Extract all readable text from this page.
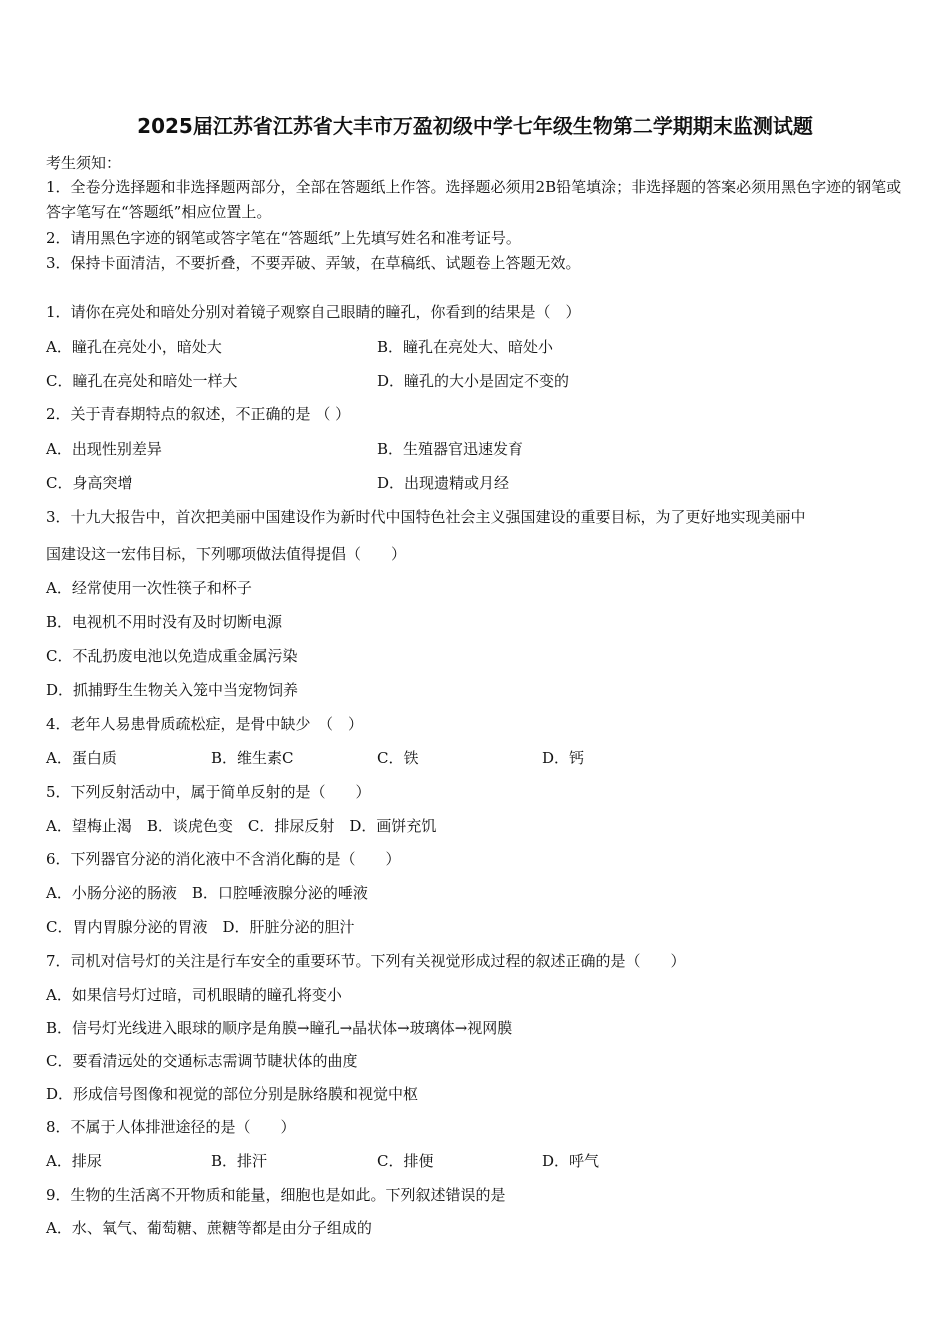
2025届江苏省江苏省大丰市万盈初级中学七年级生物第二学期期末监测试题
考生须知：
1．全卷分选择题和非选择题两部分，全部在答题纸上作答。选择题必须用2B铅笔填涂；非选择题的答案必须用黑色字迹的钢笔或答字笔写在“答题纸”相应位置上。
2．请用黑色字迹的钢笔或答字笔在“答题纸”上先填写姓名和准考证号。
3．保持卡面清洁，不要折叠，不要弄破、弄皱，在草稿纸、试题卷上答题无效。
1．请你在亮处和暗处分别对着镜子观察自己眼睛的瞳孔，你看到的结果是（　）
A．瞳孔在亮处小，暗处大	B．瞳孔在亮处大、暗处小
C．瞳孔在亮处和暗处一样大	D．瞳孔的大小是固定不变的
2．关于青春期特点的叙述，不正确的是 （ ）
A．出现性别差异	B．生殖器官迅速发育
C．身高突增	D．出现遗精或月经
3．十九大报告中，首次把美丽中国建设作为新时代中国特色社会主义强国建设的重要目标，为了更好地实现美丽中
国建设这一宏伟目标，下列哪项做法值得提倡（　　）
A．经常使用一次性筷子和杯子
B．电视机不用时没有及时切断电源
C．不乱扔废电池以免造成重金属污染
D．抓捕野生生物关入笼中当宠物饲养
4．老年人易患骨质疏松症，是骨中缺少　（　）
A．蛋白质	B．维生素C	C．铁	D．钙
5．下列反射活动中，属于简单反射的是（　　）
A．望梅止渴　B．谈虎色变　C．排尿反射　D．画饼充饥
6．下列器官分泌的消化液中不含消化酶的是（　　）
A．小肠分泌的肠液　B．口腔唾液腺分泌的唾液
C．胃内胃腺分泌的胃液　D．肝脏分泌的胆汁
7．司机对信号灯的关注是行车安全的重要环节。下列有关视觉形成过程的叙述正确的是（　　）
A．如果信号灯过暗，司机眼睛的瞳孔将变小
B．信号灯光线进入眼球的顺序是角膜→瞳孔→晶状体→玻璃体→视网膜
C．要看清远处的交通标志需调节睫状体的曲度
D．形成信号图像和视觉的部位分别是脉络膜和视觉中枢
8．不属于人体排泄途径的是（　　）
A．排尿	B．排汗	C．排便	D．呼气
9．生物的生活离不开物质和能量，细胞也是如此。下列叙述错误的是
A．水、氧气、葡萄糖、蔗糖等都是由分子组成的
